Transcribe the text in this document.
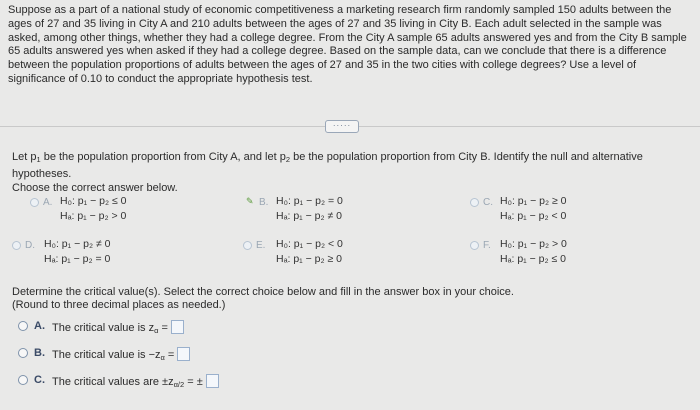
Suppose as a part of a national study of economic competitiveness a marketing research firm randomly sampled 150 adults between the ages of 27 and 35 living in City A and 210 adults between the ages of 27 and 35 living in City B. Each adult selected in the sample was asked, among other things, whether they had a college degree. From the City A sample 65 adults answered yes and from the City B sample 65 adults answered yes when asked if they had a college degree. Based on the sample data, can we conclude that there is a difference between the population proportions of adults between the ages of 27 and 35 in the two cities with college degrees? Use a level of significance of 0.10 to conduct the appropriate hypothesis test.
·····
Let $p_1$ be the population proportion from City A, and let $p_2$ be the population proportion from City B. Identify the null and alternative hypotheses.
Choose the correct answer below.
A. H₀: p₁ − p₂ ≤ 0
Hₐ: p₁ − p₂ > 0
✎ B. H₀: p₁ − p₂ = 0
Hₐ: p₁ − p₂ ≠ 0
C. H₀: p₁ − p₂ ≥ 0
Hₐ: p₁ − p₂ < 0
D. H₀: p₁ − p₂ ≠ 0
Hₐ: p₁ − p₂ = 0
E. H₀: p₁ − p₂ < 0
Hₐ: p₁ − p₂ ≥ 0
F. H₀: p₁ − p₂ > 0
Hₐ: p₁ − p₂ ≤ 0
Determine the critical value(s). Select the correct choice below and fill in the answer box in your choice.
(Round to three decimal places as needed.)
A. The critical value is $z_\alpha$ =
B. The critical value is $-z_\alpha$ =
C. The critical values are $\pm z_{\alpha/2}$ = ±
